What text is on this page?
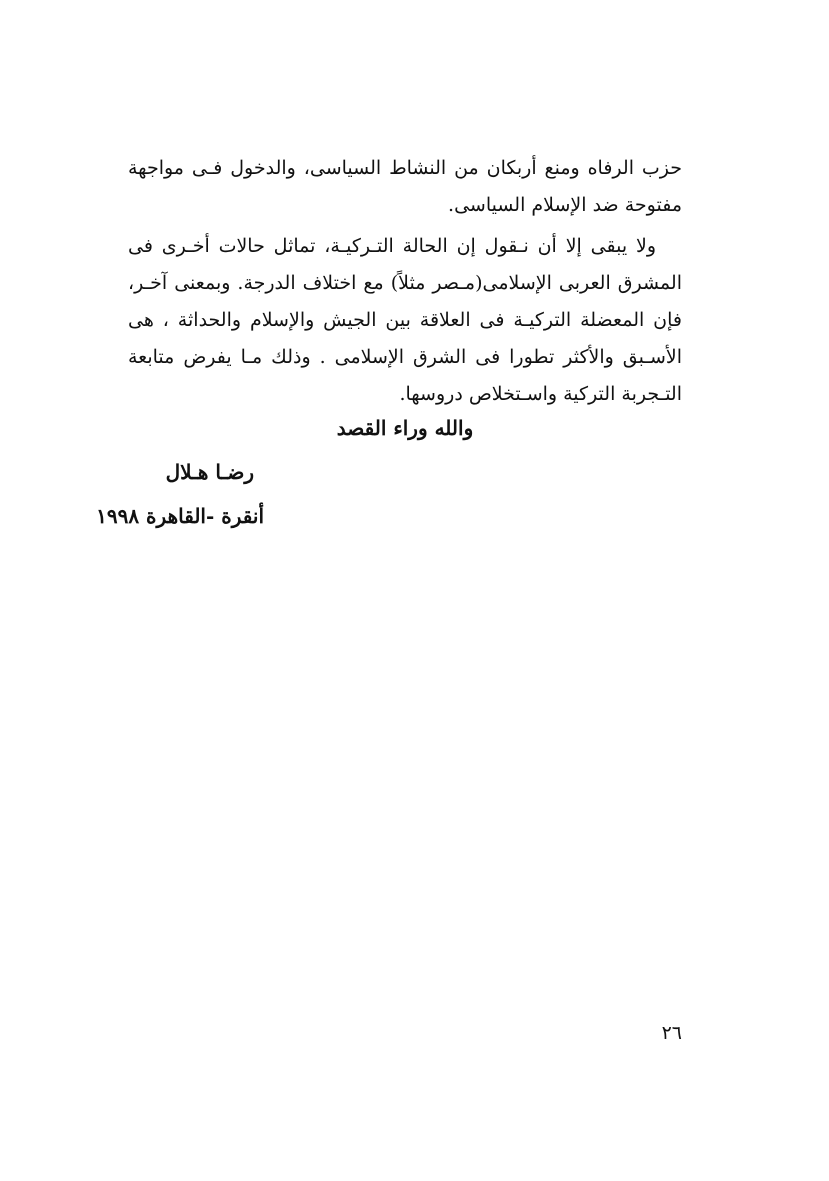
حزب الرفاه ومنع أربكان من النشاط السياسى، والدخول فـى مواجهة مفتوحة ضد الإسلام السياسى.

ولا يبقى إلا أن نـقول إن الحالة التـركيـة، تماثل حالات أخـرى فى المشرق العربى الإسلامى(مـصر مثلاً) مع اختلاف الدرجة. وبمعنى آخـر، فإن المعضلة التركيـة فى العلاقة بين الجيش والإسلام والحداثة ، هى الأسـبق والأكثر تطورا فى الشرق الإسلامى . وذلك مـا يفرض متابعة التـجربة التركية واسـتخلاص دروسها.

والله وراء القصد
رضـا هـلال
أنقرة -القاهرة ١٩٩٨
٢٦
